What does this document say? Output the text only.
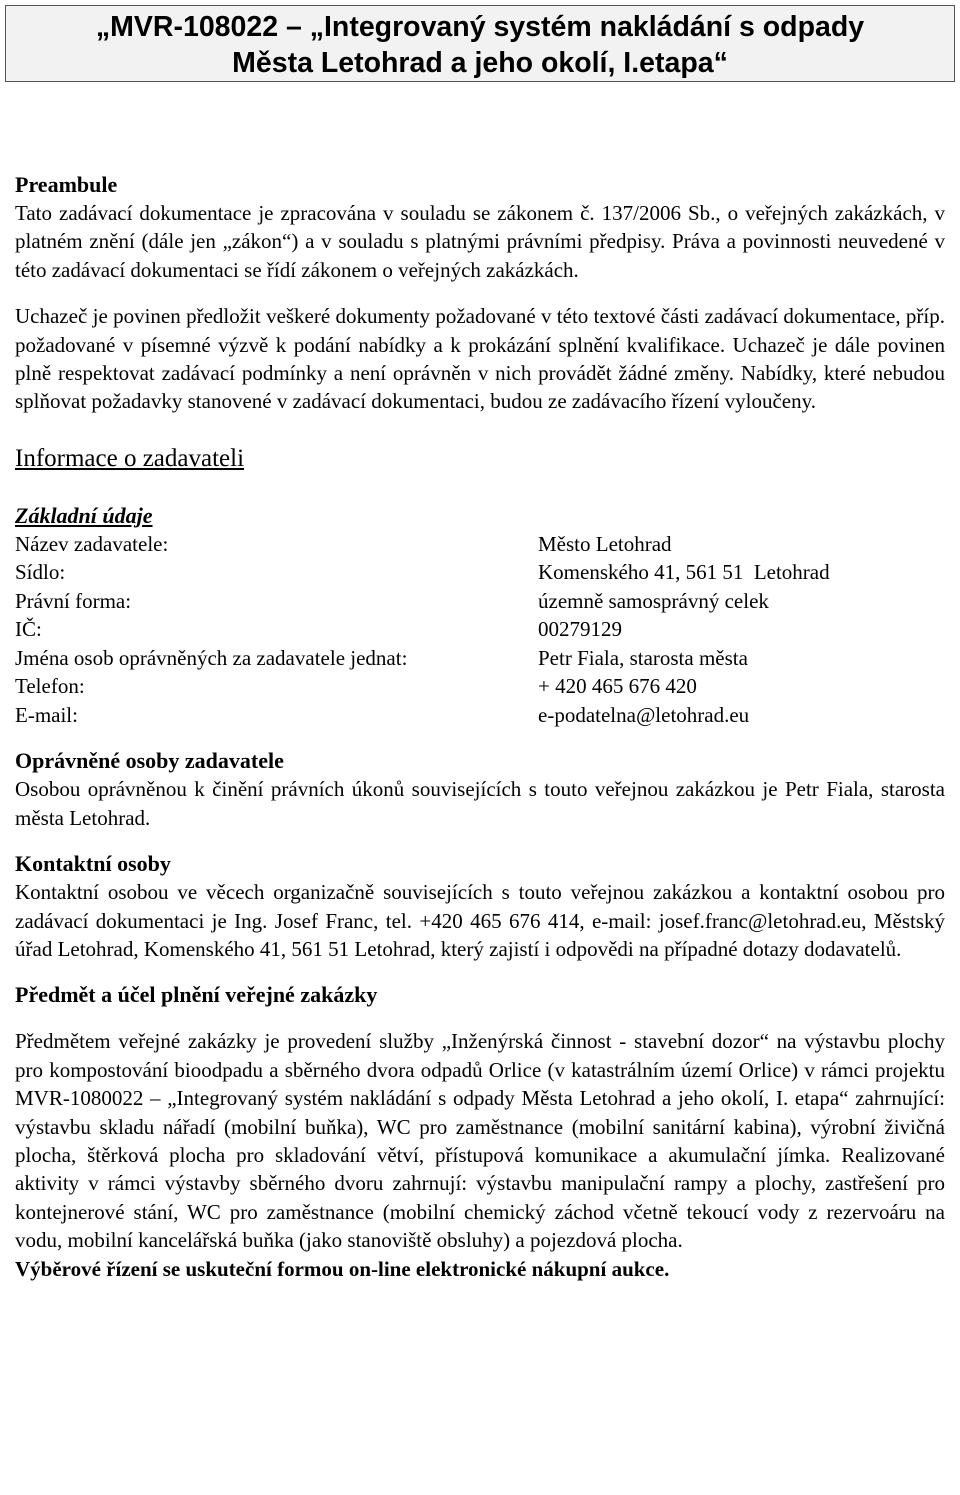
„MVR-108022 – „Integrovaný systém nakládání s odpady
Města Letohrad a jeho okolí, I.etapa“
Preambule
Tato zadávací dokumentace je zpracována v souladu se zákonem č. 137/2006 Sb., o veřejných zakázkách, v platném znění (dále jen „zákon“) a v souladu s platnými právními předpisy. Práva a povinnosti neuvedené v této zadávací dokumentaci se řídí zákonem o veřejných zakázkách.
Uchazeč je povinen předložit veškeré dokumenty požadované v této textové části zadávací dokumentace, příp. požadované v písemné výzvě k podání nabídky a k prokázání splnění kvalifikace. Uchazeč je dále povinen plně respektovat zadávací podmínky a není oprávněn v nich provádět žádné změny. Nabídky, které nebudou splňovat požadavky stanovené v zadávací dokumentaci, budou ze zadávacího řízení vyloučeny.
Informace o zadavateli
Základní údaje
Název zadavatele:	Město Letohrad
Sídlo:	Komenského 41, 561 51  Letohrad
Právní forma:	územně samosprávný celek
IČ:	00279129
Jména osob oprávněných za zadavatele jednat:	Petr Fiala, starosta města
Telefon:	+ 420 465 676 420
E-mail:	e-podatelna@letohrad.eu
Oprávněné osoby zadavatele
Osobou oprávněnou k činění právních úkonů souvisejících s touto veřejnou zakázkou je Petr Fiala, starosta města Letohrad.
Kontaktní osoby
Kontaktní osobou ve věcech organizačně souvisejících s touto veřejnou zakázkou a kontaktní osobou pro zadávací dokumentaci je Ing. Josef Franc, tel. +420 465 676 414, e-mail: josef.franc@letohrad.eu, Městský úřad Letohrad, Komenského 41, 561 51 Letohrad, který zajistí i odpovědi na případné dotazy dodavatelů.
Předmět a účel plnění veřejné zakázky
Předmětem veřejné zakázky je provedení služby „Inženýrská činnost - stavební dozor“ na výstavbu plochy pro kompostování bioodpadu a sběrného dvora odpadů Orlice (v katastrálním území Orlice) v rámci projektu MVR-1080022 – „Integrovaný systém nakládání s odpady Města Letohrad a jeho okolí, I. etapa“ zahrnující: výstavbu skladu nářadí (mobilní buňka), WC pro zaměstnance (mobilní sanitární kabina), výrobní živičná plocha, štěrková plocha pro skladování větví, přístupová komunikace a akumulační jímka. Realizované aktivity v rámci výstavby sběrného dvoru zahrnují: výstavbu manipulační rampy a plochy, zastřešení pro kontejnerové stání, WC pro zaměstnance (mobilní chemický záchod včetně tekoucí vody z rezervoáru na vodu, mobilní kancelářská buňka (jako stanoviště obsluhy) a pojezdová plocha.
Výběrové řízení se uskuteční formou on-line elektronické nákupní aukce.
